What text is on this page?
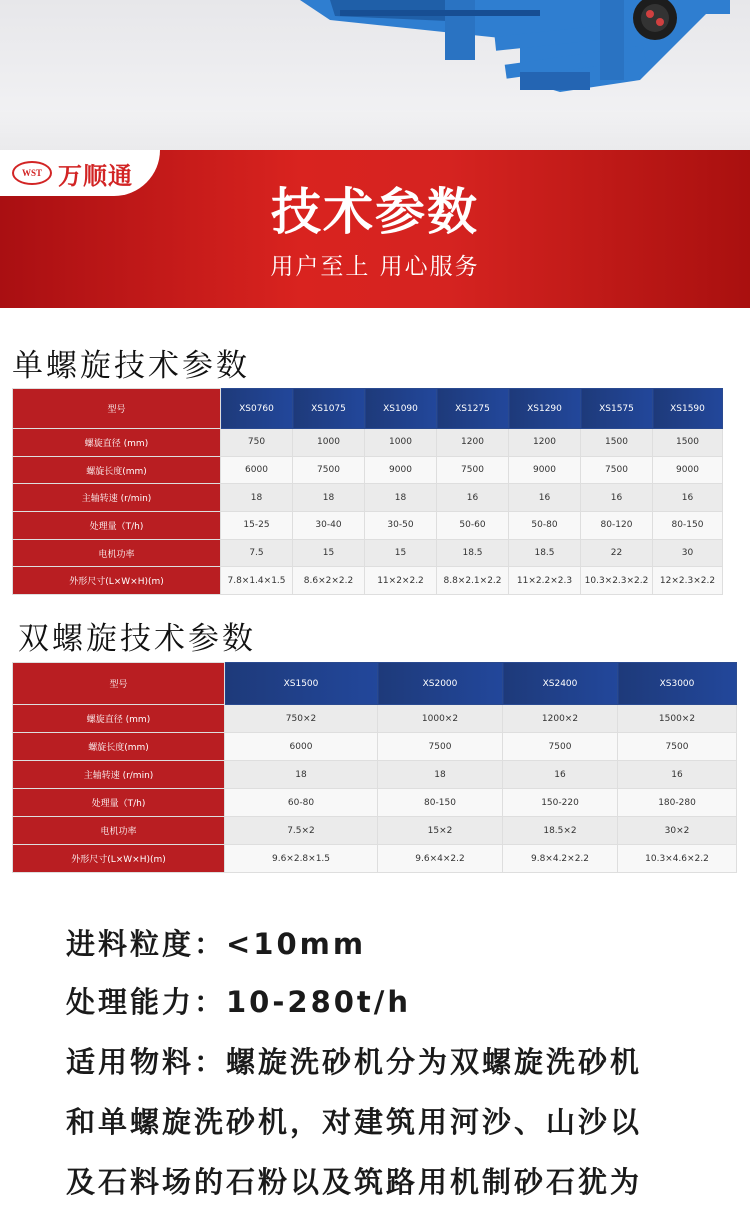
WST 万顺通
技术参数
用户至上 用心服务
单螺旋技术参数
型号	XS0760	XS1075	XS1090	XS1275	XS1290	XS1575	XS1590
螺旋直径 (mm)	750	1000	1000	1200	1200	1500	1500
螺旋长度(mm)	6000	7500	9000	7500	9000	7500	9000
主轴转速 (r/min)	18	18	18	16	16	16	16
处理量（T/h)	15-25	30-40	30-50	50-60	50-80	80-120	80-150
电机功率	7.5	15	15	18.5	18.5	22	30
外形尺寸(L×W×H)(m)	7.8×1.4×1.5	8.6×2×2.2	11×2×2.2	8.8×2.1×2.2	11×2.2×2.3	10.3×2.3×2.2	12×2.3×2.2
双螺旋技术参数
型号	XS1500	XS2000	XS2400	XS3000
螺旋直径 (mm)	750×2	1000×2	1200×2	1500×2
螺旋长度(mm)	6000	7500	7500	7500
主轴转速 (r/min)	18	18	16	16
处理量（T/h)	60-80	80-150	150-220	180-280
电机功率	7.5×2	15×2	18.5×2	30×2
外形尺寸(L×W×H)(m)	9.6×2.8×1.5	9.6×4×2.2	9.8×4.2×2.2	10.3×4.6×2.2
进料粒度：<10mm
处理能力：10-280t/h
适用物料：螺旋洗砂机分为双螺旋洗砂机
和单螺旋洗砂机，对建筑用河沙、山沙以
及石料场的石粉以及筑路用机制砂石犹为
